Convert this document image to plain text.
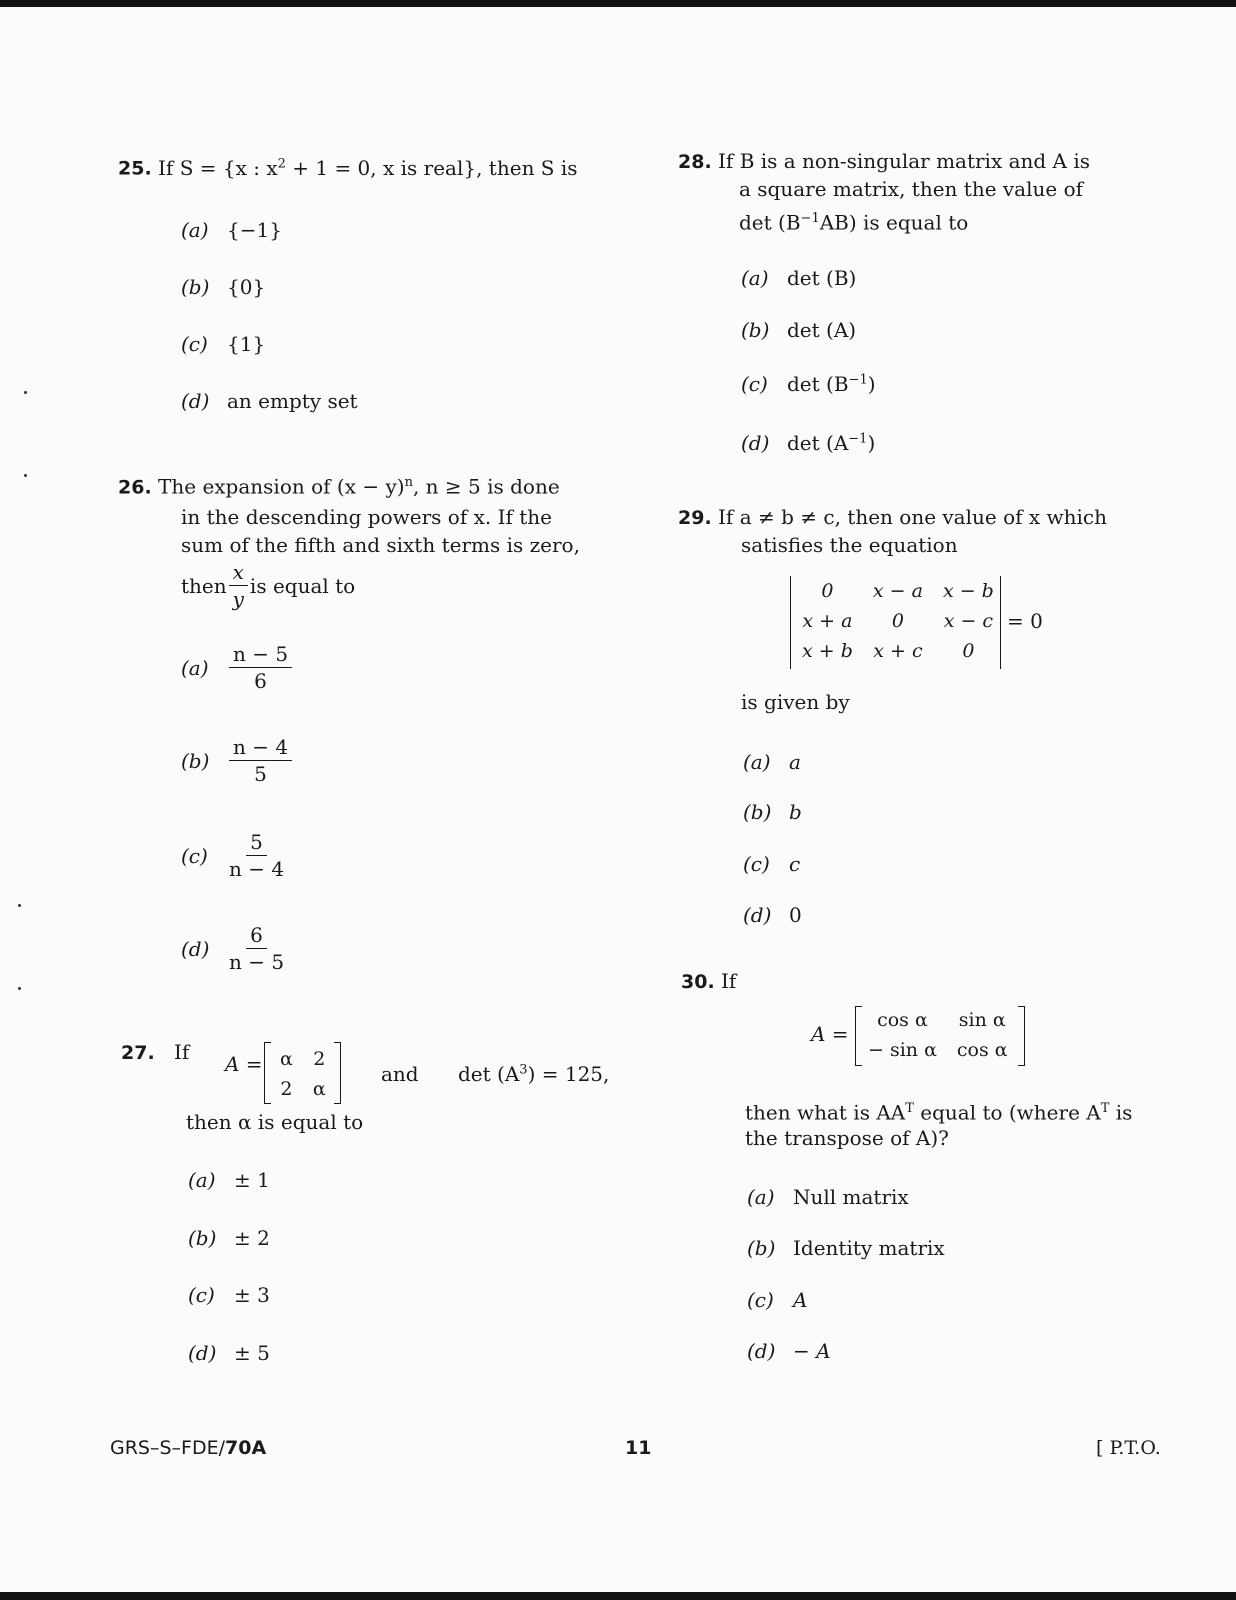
25. If S = {x : $x^2 + 1 = 0$, x is real}, then S is
(a) {−1}
(b) {0}
(c) {1}
(d) an empty set
26. The expansion of $(x - y)^n$, n ≥ 5 is done
in the descending powers of x. If the
sum of the fifth and sixth terms is zero,
then $\frac{x}{y}$ is equal to
(a)	$\frac{n - 5}{6}$
$(b) \frac{n - 4}{5}$
(c)	$\frac{5}{n - 4}$
$(d) \frac{6}{n - 5}$
27. If A = α	2
2	α
and $\det (A^3) = 125$,
then α is equal to
(a) ± 1
(b) ± 2
(c) ± 3
(d) ± 5
28. If B is a non-singular matrix and A is
a square matrix, then the value of
$\det (B^{-1}AB)$ is equal to
(a) det (B)
(b) det (A)
(c) $\det (B^{-1})$
(d) $\det (A^{-1})$
29. If a ≠ b ≠ c, then one value of x which
satisfies the equation
0	x − a	x − b
x + a	0	x − c
x + b	x + c	0
= 0
is given by
(a) a
(b) b
(c) c
(d) 0
30. If
A =
cos α	sin α
− sin α	cos α
then what is $AA^T$ equal to (where $A^T$ is
the transpose of A)?
(a) Null matrix
(b) Identity matrix
(c) A
(d) − A
GRS–S–FDE/70A	11	[ P.T.O.
